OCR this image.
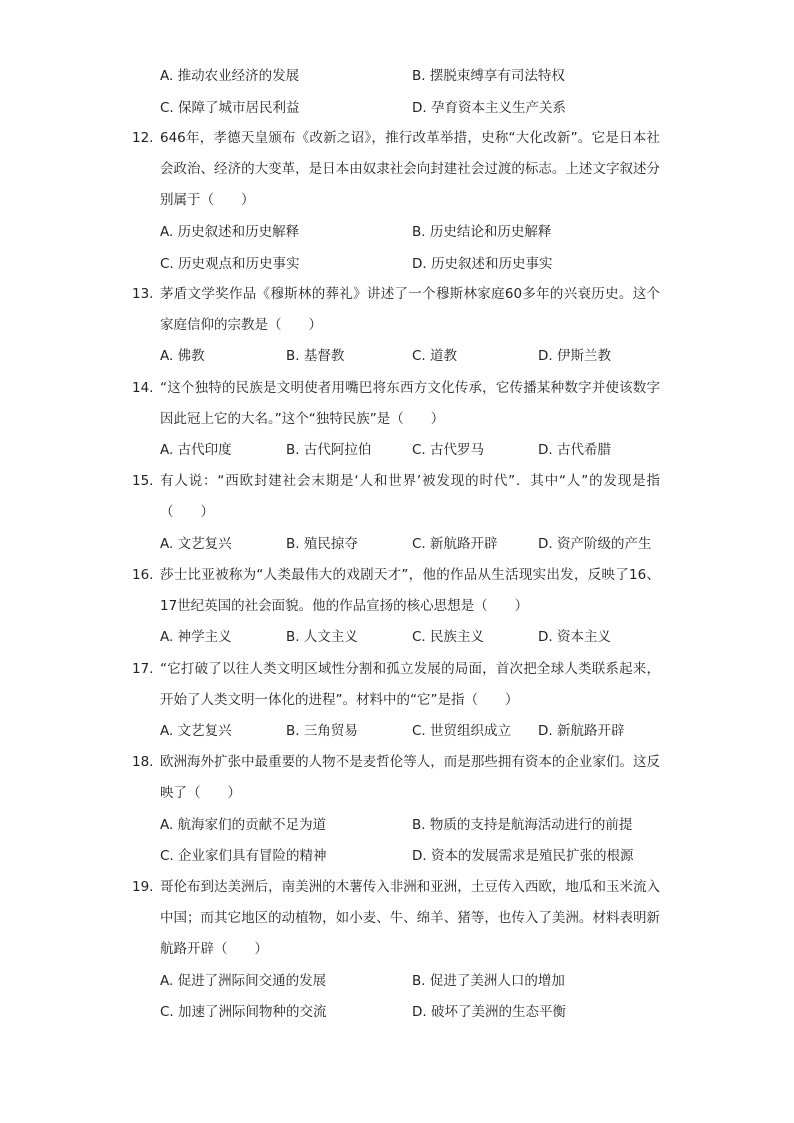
A. 推动农业经济的发展	B. 摆脱束缚享有司法特权
C. 保障了城市居民利益	D. 孕育资本主义生产关系
12. 646年，孝德天皇颁布《改新之诏》，推行改革举措，史称“大化改新”。它是日本社会政治、经济的大变革，是日本由奴隶社会向封建社会过渡的标志。上述文字叙述分别属于（　　）
A. 历史叙述和历史解释	B. 历史结论和历史解释
C. 历史观点和历史事实	D. 历史叙述和历史事实
13. 茅盾文学奖作品《穆斯林的葬礼》讲述了一个穆斯林家庭60多年的兴衰历史。这个家庭信仰的宗教是（　　）
A. 佛教	B. 基督教	C. 道教	D. 伊斯兰教
14. “这个独特的民族是文明使者用嘴巴将东西方文化传承，它传播某种数字并使该数字因此冠上它的大名。”这个“独特民族”是（　　）
A. 古代印度	B. 古代阿拉伯	C. 古代罗马	D. 古代希腊
15. 有人说：“西欧封建社会末期是‘人和世界’被发现的时代”．其中“人”的发现是指（　　）
A. 文艺复兴	B. 殖民掠夺	C. 新航路开辟	D. 资产阶级的产生
16. 莎士比亚被称为“人类最伟大的戏剧天才”，他的作品从生活现实出发，反映了16、17世纪英国的社会面貌。他的作品宣扬的核心思想是（　　）
A. 神学主义	B. 人文主义	C. 民族主义	D. 资本主义
17. “它打破了以往人类文明区域性分割和孤立发展的局面，首次把全球人类联系起来，开始了人类文明一体化的进程”。材料中的“它”是指（　　）
A. 文艺复兴	B. 三角贸易	C. 世贸组织成立 D. 新航路开辟
18. 欧洲海外扩张中最重要的人物不是麦哲伦等人，而是那些拥有资本的企业家们。这反映了（　　）
A. 航海家们的贡献不足为道	B. 物质的支持是航海活动进行的前提
C. 企业家们具有冒险的精神	D. 资本的发展需求是殖民扩张的根源
19. 哥伦布到达美洲后，南美洲的木薯传入非洲和亚洲，土豆传入西欧，地瓜和玉米流入中国；而其它地区的动植物，如小麦、牛、绵羊、猪等，也传入了美洲。材料表明新航路开辟（　　）
A. 促进了洲际间交通的发展	B. 促进了美洲人口的增加
C. 加速了洲际间物种的交流	D. 破坏了美洲的生态平衡
